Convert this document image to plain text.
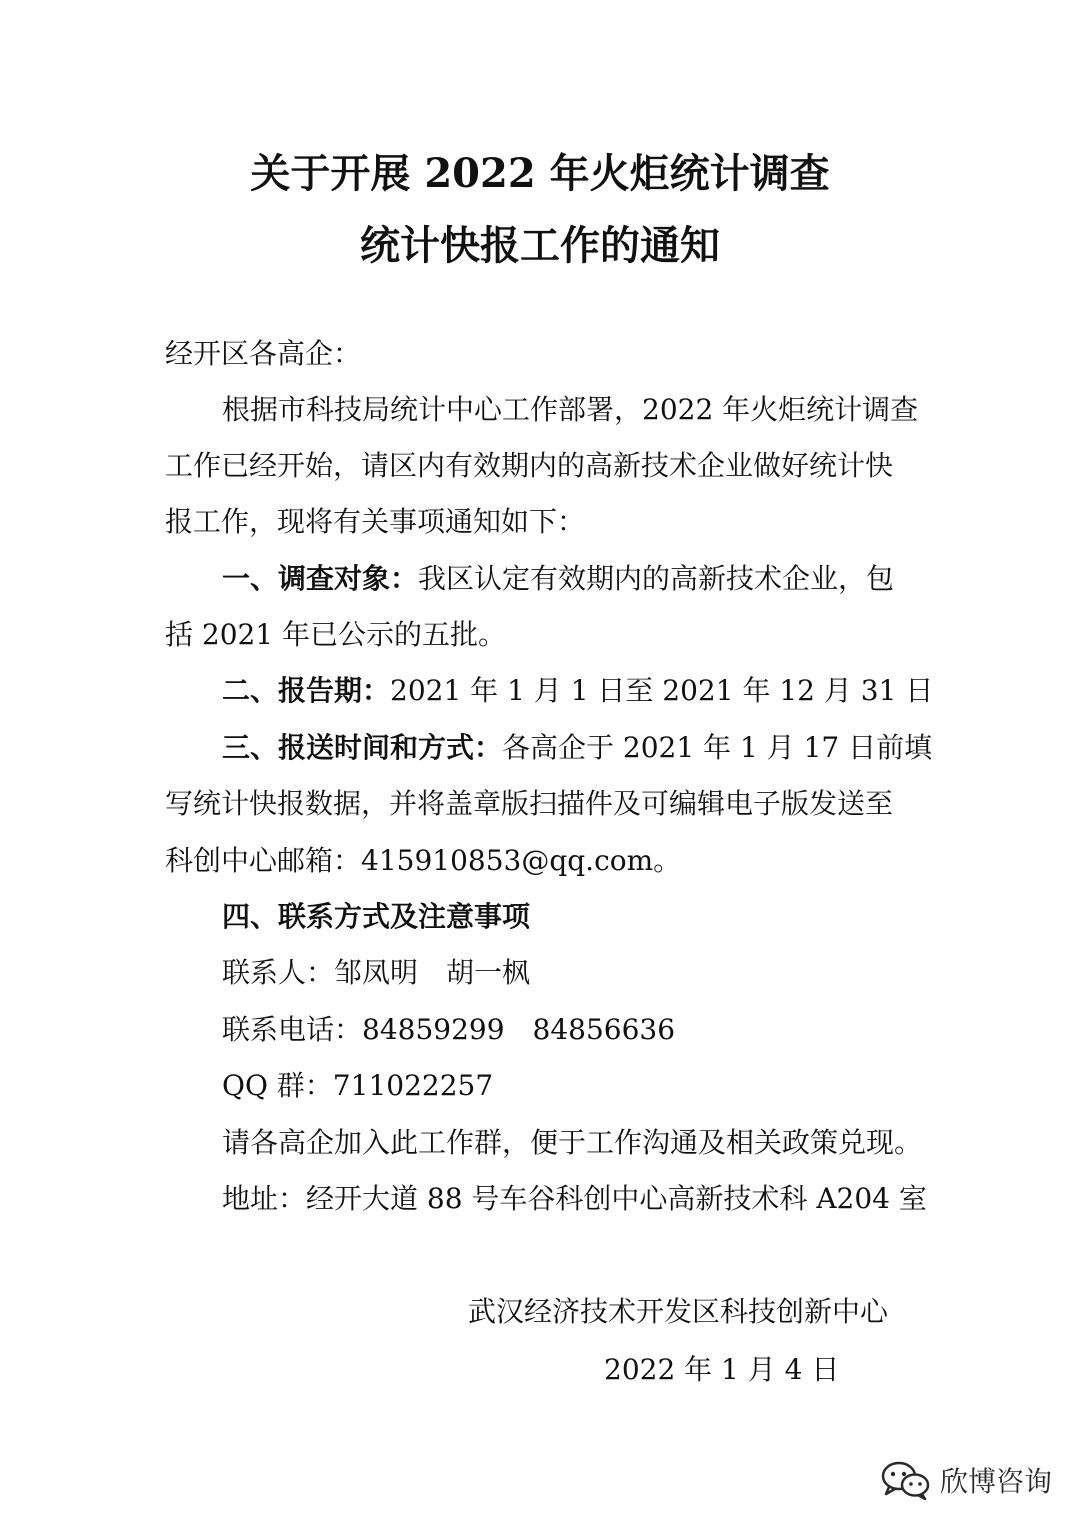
关于开展 2022 年火炬统计调查
统计快报工作的通知
经开区各高企：
根据市科技局统计中心工作部署，2022 年火炬统计调查
工作已经开始，请区内有效期内的高新技术企业做好统计快
报工作，现将有关事项通知如下：
一、调查对象：我区认定有效期内的高新技术企业，包
括 2021 年已公示的五批。
二、报告期：2021 年 1 月 1 日至 2021 年 12 月 31 日
三、报送时间和方式：各高企于 2021 年 1 月 17 日前填
写统计快报数据，并将盖章版扫描件及可编辑电子版发送至
科创中心邮箱：415910853@qq.com。
四、联系方式及注意事项
联系人：邹凤明　胡一枫
联系电话：84859299　84856636
QQ 群：711022257
请各高企加入此工作群，便于工作沟通及相关政策兑现。
地址：经开大道 88 号车谷科创中心高新技术科 A204 室
武汉经济技术开发区科技创新中心
2022 年 1 月 4 日
欣博咨询
